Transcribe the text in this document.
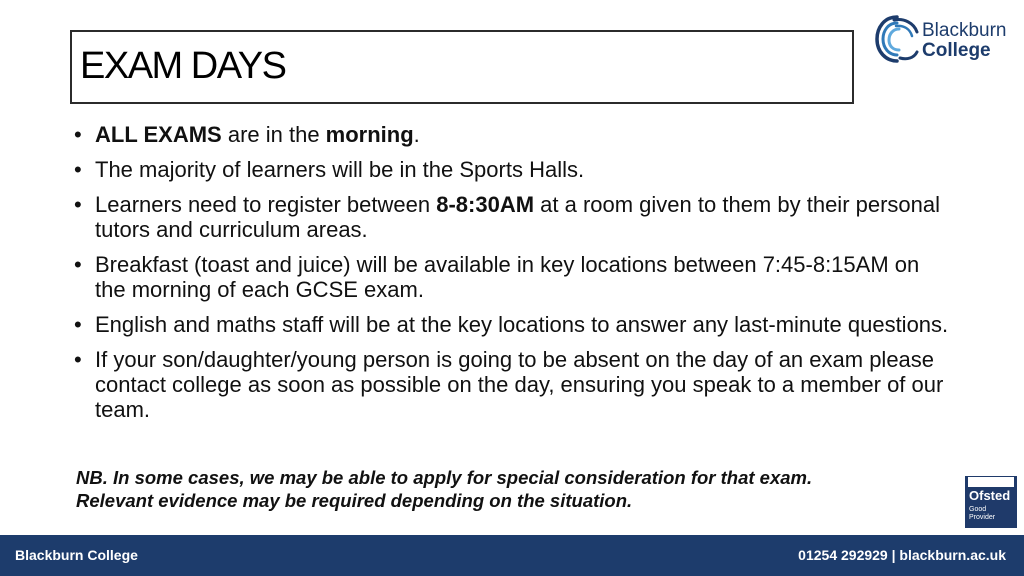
EXAM DAYS
Blackburn
College
• ALL EXAMS are in the morning.
• The majority of learners will be in the Sports Halls.
• Learners need to register between 8-8:30AM at a room given to them by their personal tutors and curriculum areas.
• Breakfast (toast and juice) will be available in key locations between 7:45-8:15AM on the morning of each GCSE exam.
• English and maths staff will be at the key locations to answer any last-minute questions.
• If your son/daughter/young person is going to be absent on the day of an exam please contact college as soon as possible on the day, ensuring you speak to a member of our team.
NB. In some cases, we may be able to apply for special consideration for that exam. Relevant evidence may be required depending on the situation.	Ofsted
Good
Provider
Blackburn College	01254 292929 | blackburn.ac.uk
